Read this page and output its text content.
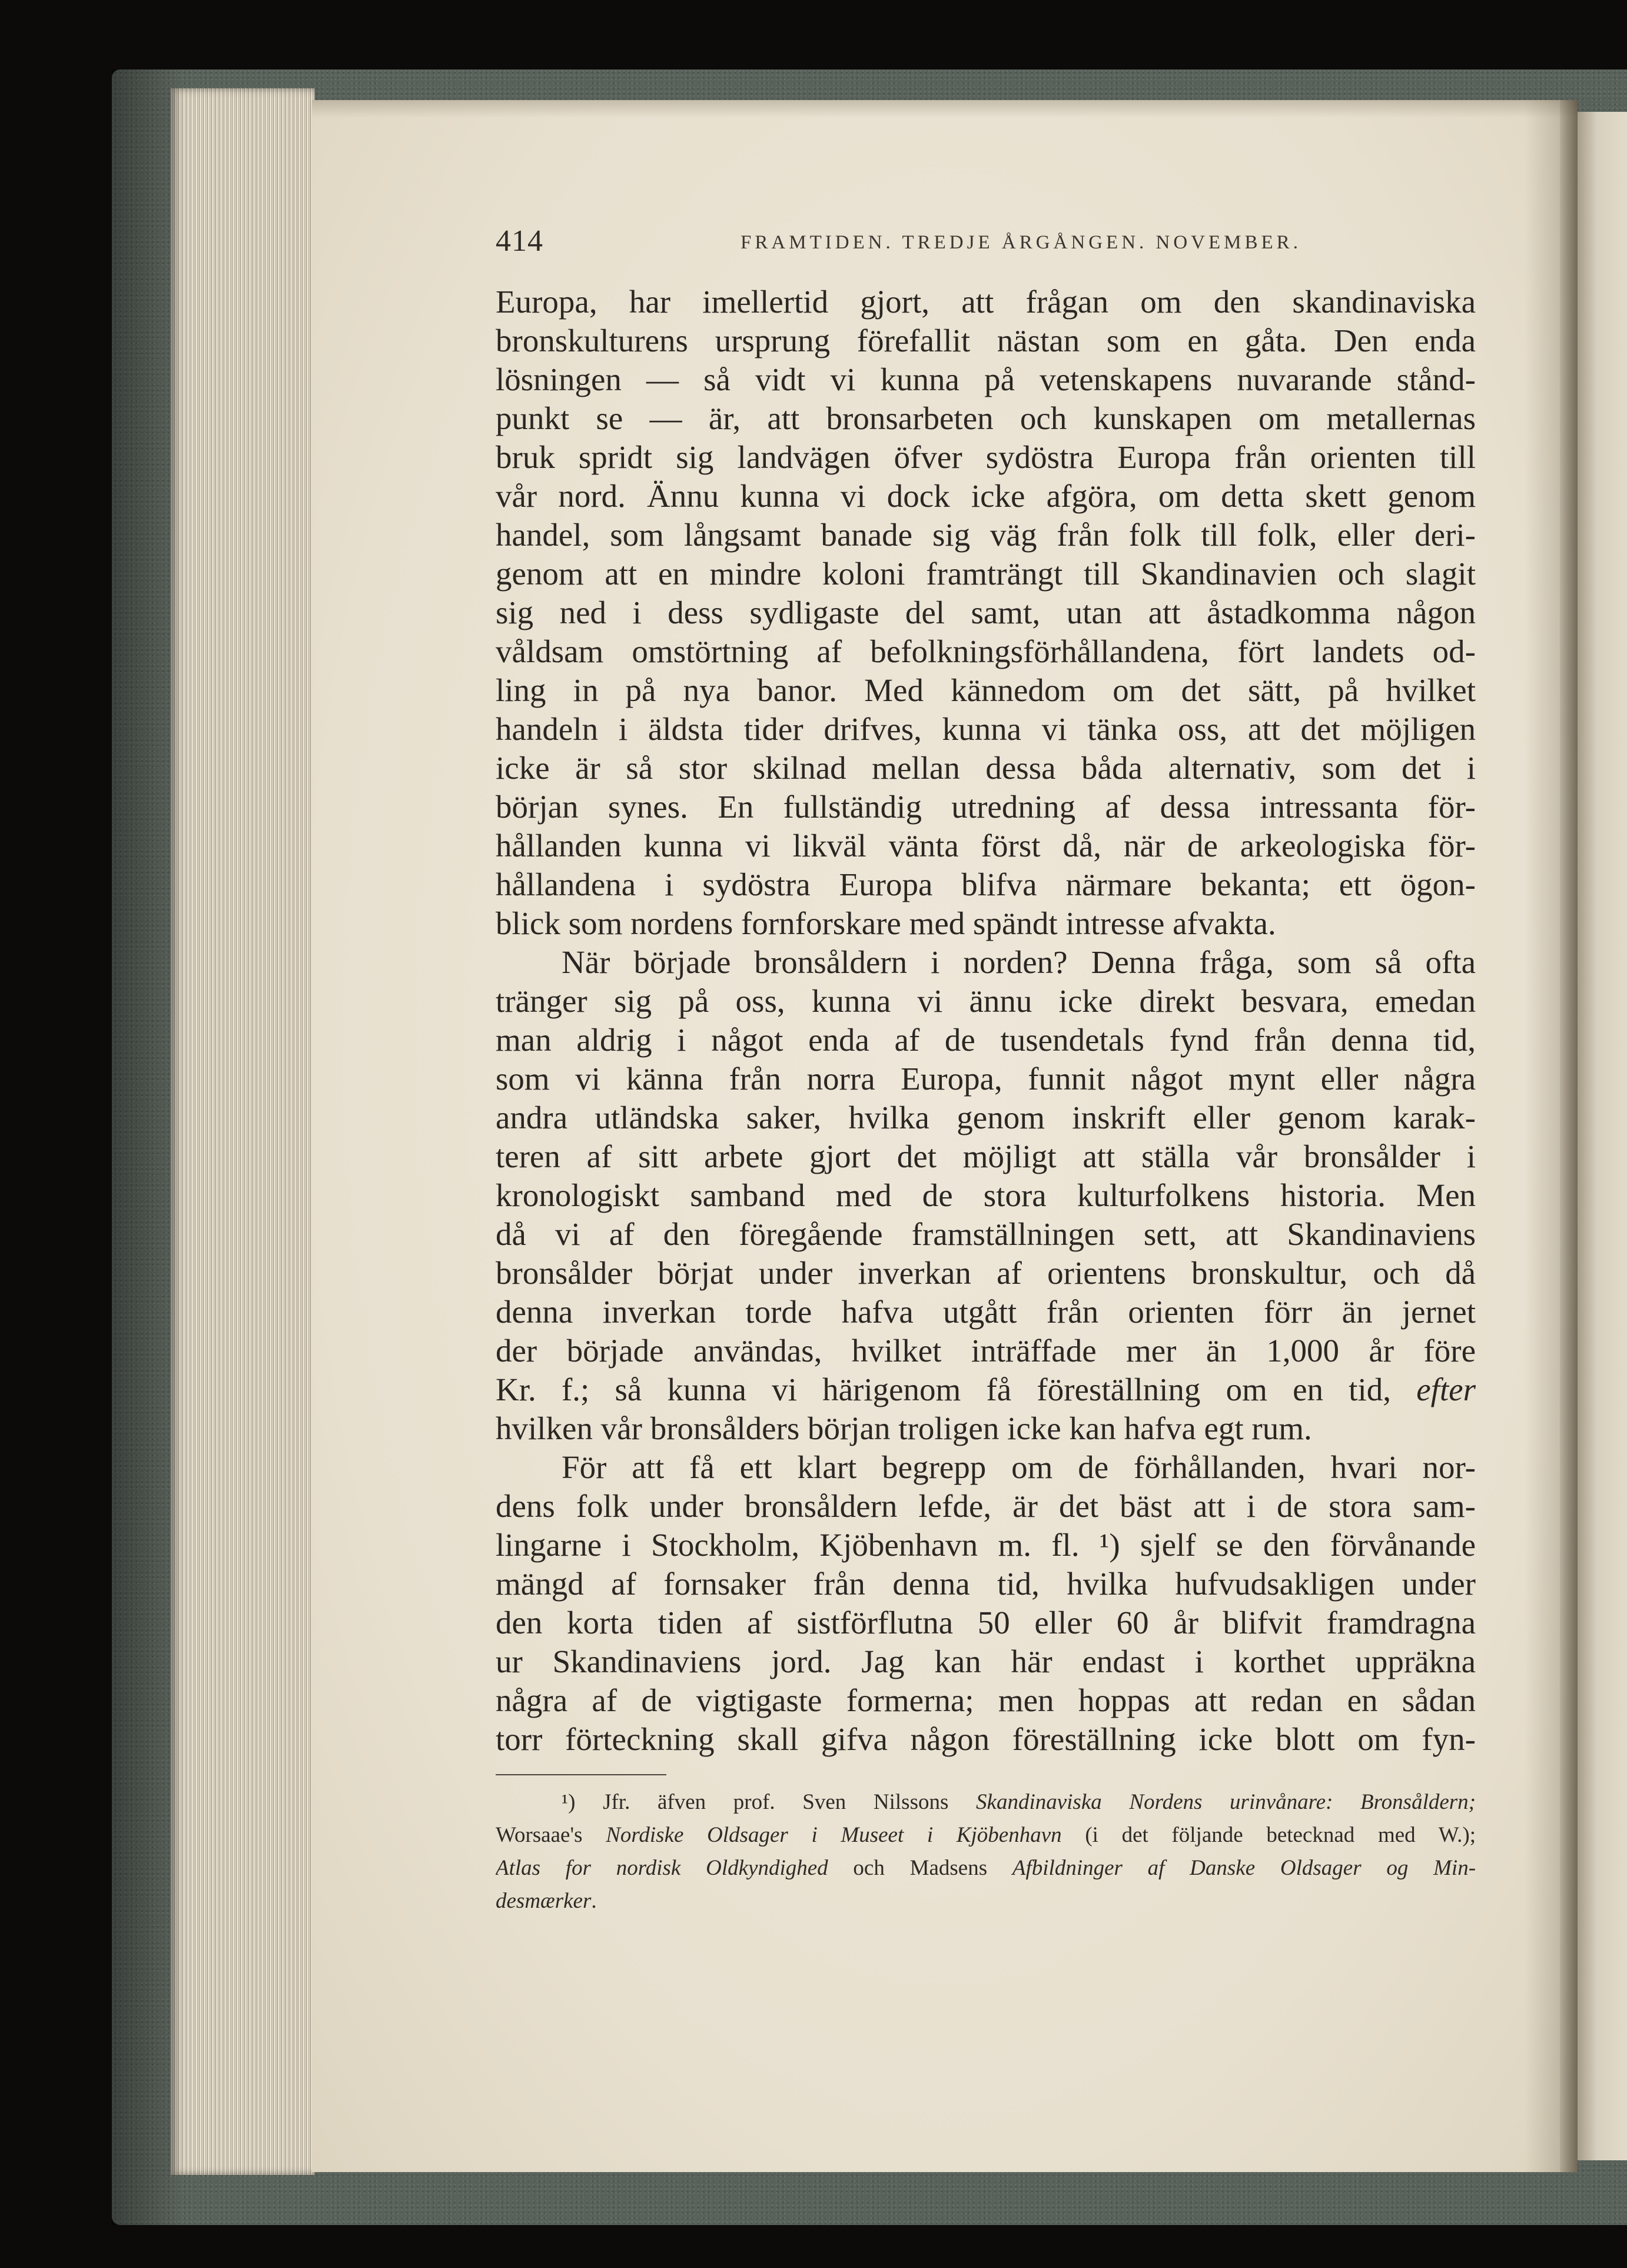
414	FRAMTIDEN. TREDJE ÅRGÅNGEN. NOVEMBER.
Europa, har imellertid gjort, att frågan om den skandinaviska
bronskulturens ursprung förefallit nästan som en gåta. Den enda
lösningen — så vidt vi kunna på vetenskapens nuvarande stånd-
punkt se — är, att bronsarbeten och kunskapen om metallernas
bruk spridt sig landvägen öfver sydöstra Europa från orienten till
vår nord. Ännu kunna vi dock icke afgöra, om detta skett genom
handel, som långsamt banade sig väg från folk till folk, eller deri-
genom att en mindre koloni framträngt till Skandinavien och slagit
sig ned i dess sydligaste del samt, utan att åstadkomma någon
våldsam omstörtning af befolkningsförhållandena, fört landets od-
ling in på nya banor. Med kännedom om det sätt, på hvilket
handeln i äldsta tider drifves, kunna vi tänka oss, att det möjligen
icke är så stor skilnad mellan dessa båda alternativ, som det i
början synes. En fullständig utredning af dessa intressanta för-
hållanden kunna vi likväl vänta först då, när de arkeologiska för-
hållandena i sydöstra Europa blifva närmare bekanta; ett ögon-
blick som nordens fornforskare med spändt intresse afvakta.
När började bronsåldern i norden? Denna fråga, som så ofta
tränger sig på oss, kunna vi ännu icke direkt besvara, emedan
man aldrig i något enda af de tusendetals fynd från denna tid,
som vi känna från norra Europa, funnit något mynt eller några
andra utländska saker, hvilka genom inskrift eller genom karak-
teren af sitt arbete gjort det möjligt att ställa vår bronsålder i
kronologiskt samband med de stora kulturfolkens historia. Men
då vi af den föregående framställningen sett, att Skandinaviens
bronsålder börjat under inverkan af orientens bronskultur, och då
denna inverkan torde hafva utgått från orienten förr än jernet
der började användas, hvilket inträffade mer än 1,000 år före
Kr. f.; så kunna vi härigenom få föreställning om en tid, efter
hvilken vår bronsålders början troligen icke kan hafva egt rum.
För att få ett klart begrepp om de förhållanden, hvari nor-
dens folk under bronsåldern lefde, är det bäst att i de stora sam-
lingarne i Stockholm, Kjöbenhavn m. fl. ¹) sjelf se den förvånande
mängd af fornsaker från denna tid, hvilka hufvudsakligen under
den korta tiden af sistförflutna 50 eller 60 år blifvit framdragna
ur Skandinaviens jord. Jag kan här endast i korthet uppräkna
några af de vigtigaste formerna; men hoppas att redan en sådan
torr förteckning skall gifva någon föreställning icke blott om fyn-
¹) Jfr. äfven prof. Sven Nilssons Skandinaviska Nordens urinvånare: Bronsåldern;
Worsaae's Nordiske Oldsager i Museet i Kjöbenhavn (i det följande betecknad med W.);
Atlas for nordisk Oldkyndighed och Madsens Afbildninger af Danske Oldsager og Min-
desmærker.
